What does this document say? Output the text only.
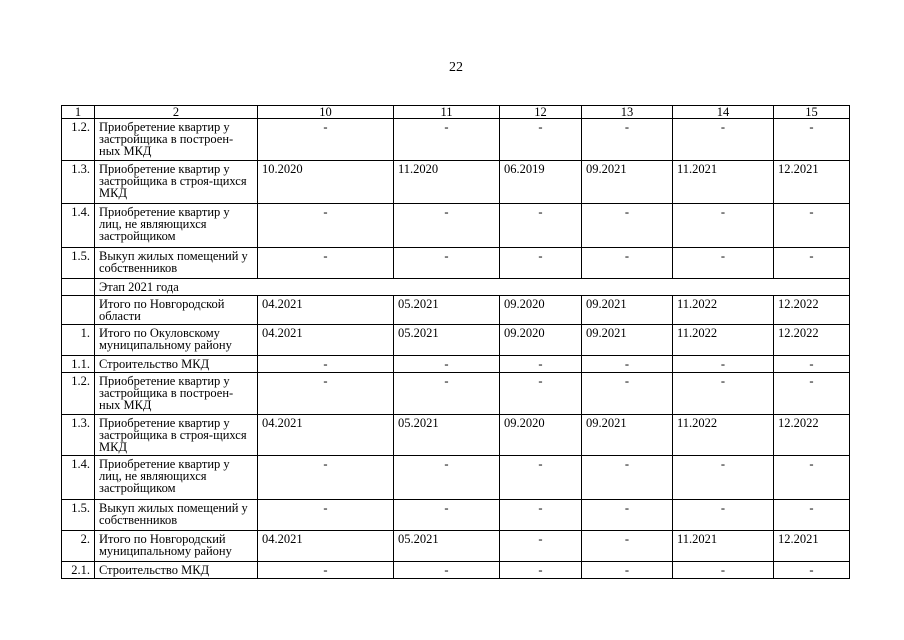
22
1	2	10	11	12	13	14	15
1.2.	Приобретение квартир у застройщика в построен-ных МКД	-	-	-	-	-	-
1.3.	Приобретение квартир у застройщика в строя-щихся МКД	10.2020	11.2020	06.2019	09.2021	11.2021	12.2021
1.4.	Приобретение квартир у лиц, не являющихся застройщиком	-	-	-	-	-	-
1.5.	Выкуп жилых помещений у собственников	-	-	-	-	-	-
	Этап 2021 года						
	Итого по Новгородской области	04.2021	05.2021	09.2020	09.2021	11.2022	12.2022
1.	Итого по Окуловскому муниципальному району	04.2021	05.2021	09.2020	09.2021	11.2022	12.2022
1.1.	Строительство МКД	-	-	-	-	-	-
1.2.	Приобретение квартир у застройщика в построен-ных МКД	-	-	-	-	-	-
1.3.	Приобретение квартир у застройщика в строя-щихся МКД	04.2021	05.2021	09.2020	09.2021	11.2022	12.2022
1.4.	Приобретение квартир у лиц, не являющихся застройщиком	-	-	-	-	-	-
1.5.	Выкуп жилых помещений у собственников	-	-	-	-	-	-
2.	Итого по Новгородский муниципальному району	04.2021	05.2021	-	-	11.2021	12.2021
2.1.	Строительство МКД	-	-	-	-	-	-
